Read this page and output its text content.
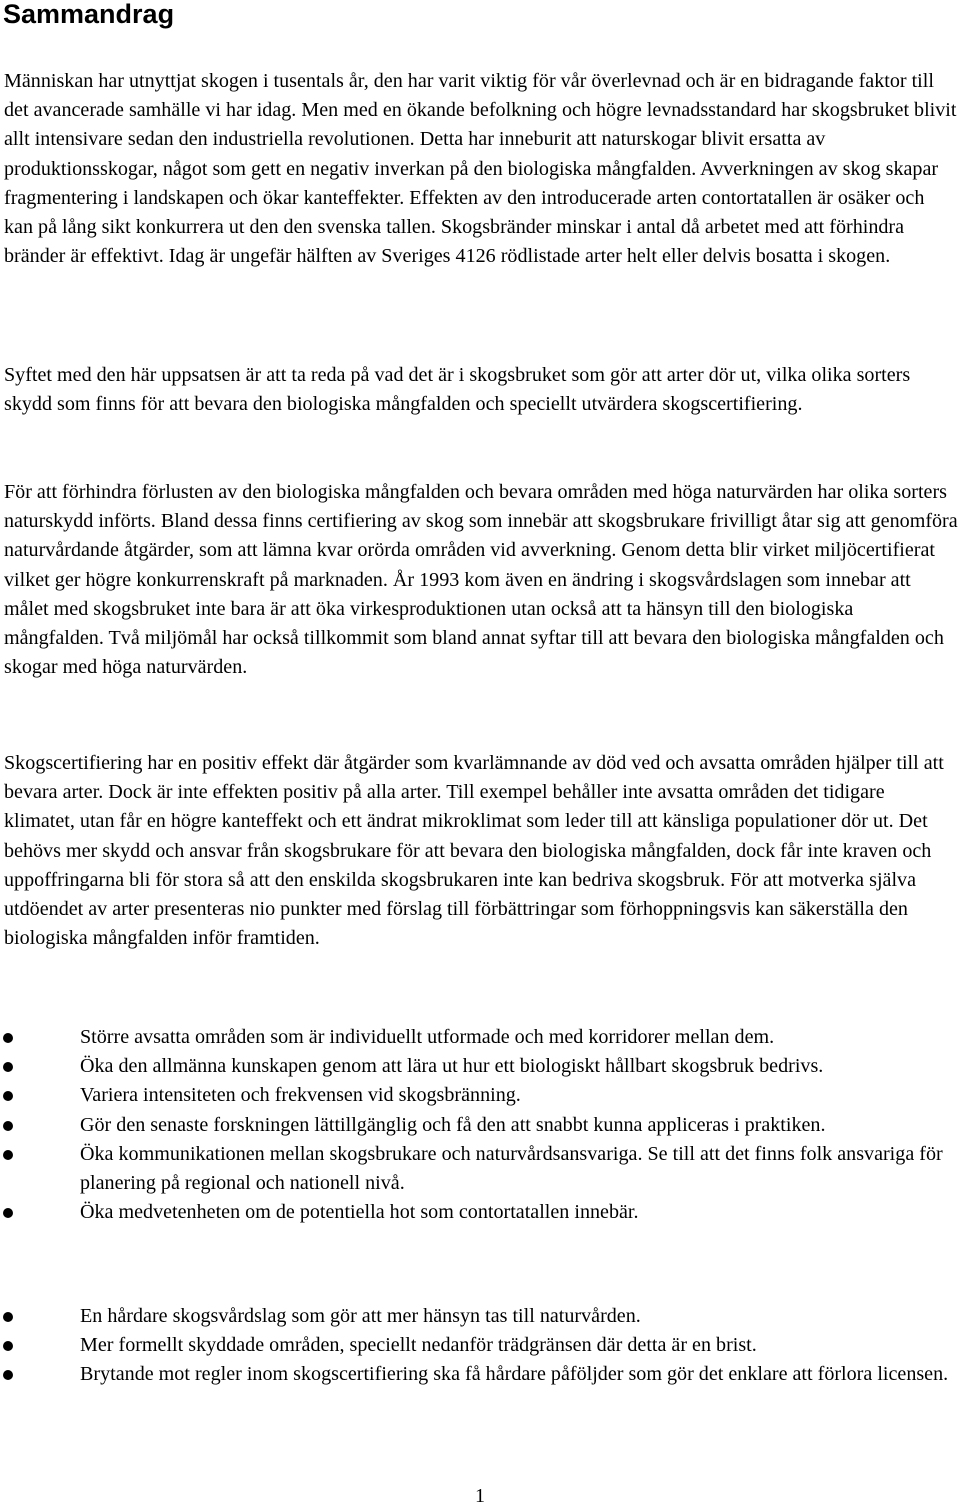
Sammandrag

Människan har utnyttjat skogen i tusentals år, den har varit viktig för vår överlevnad och är en bidragande faktor till det avancerade samhälle vi har idag. Men med en ökande befolkning och högre levnadsstandard har skogsbruket blivit allt intensivare sedan den industriella revolutionen. Detta har inneburit att naturskogar blivit ersatta av produktionsskogar, något som gett en negativ inverkan på den biologiska mångfalden. Avverkningen av skog skapar fragmentering i landskapen och ökar kanteffekter. Effekten av den introducerade arten contortatallen är osäker och kan på lång sikt konkurrera ut den den svenska tallen. Skogsbränder minskar i antal då arbetet med att förhindra bränder är effektivt. Idag är ungefär hälften av Sveriges 4126 rödlistade arter helt eller delvis bosatta i skogen.

Syftet med den här uppsatsen är att ta reda på vad det är i skogsbruket som gör att arter dör ut, vilka olika sorters skydd som finns för att bevara den biologiska mångfalden och speciellt utvärdera skogscertifiering.

För att förhindra förlusten av den biologiska mångfalden och bevara områden med höga naturvärden har olika sorters naturskydd införts. Bland dessa finns certifiering av skog som innebär att skogsbrukare frivilligt åtar sig att genomföra naturvårdande åtgärder, som att lämna kvar orörda områden vid avverkning. Genom detta blir virket miljöcertifierat vilket ger högre konkurrenskraft på marknaden. År 1993 kom även en ändring i skogsvårdslagen som innebar att målet med skogsbruket inte bara är att öka virkesproduktionen utan också att ta hänsyn till den biologiska mångfalden. Två miljömål har också tillkommit som bland annat syftar till att bevara den biologiska mångfalden och skogar med höga naturvärden.

Skogscertifiering har en positiv effekt där åtgärder som kvarlämnande av död ved och avsatta områden hjälper till att bevara arter. Dock är inte effekten positiv på alla arter. Till exempel behåller inte avsatta områden det tidigare klimatet, utan får en högre kanteffekt och ett ändrat mikroklimat som leder till att känsliga populationer dör ut. Det behövs mer skydd och ansvar från skogsbrukare för att bevara den biologiska mångfalden, dock får inte kraven och uppoffringarna bli för stora så att den enskilda skogsbrukaren inte kan bedriva skogsbruk. För att motverka själva utdöendet av arter presenteras nio punkter med förslag till förbättringar som förhoppningsvis kan säkerställa den biologiska mångfalden inför framtiden.

Större avsatta områden som är individuellt utformade och med korridorer mellan dem.
Öka den allmänna kunskapen genom att lära ut hur ett biologiskt hållbart skogsbruk bedrivs.
Variera intensiteten och frekvensen vid skogsbränning.
Gör den senaste forskningen lättillgänglig och få den att snabbt kunna appliceras i praktiken.
Öka kommunikationen mellan skogsbrukare och naturvårdsansvariga. Se till att det finns folk ansvariga för planering på regional och nationell nivå.
Öka medvetenheten om de potentiella hot som contortatallen innebär.
En hårdare skogsvårdslag som gör att mer hänsyn tas till naturvården.
Mer formellt skyddade områden, speciellt nedanför trädgränsen där detta är en brist.
Brytande mot regler inom skogscertifiering ska få hårdare påföljder som gör det enklare att förlora licensen.

1
